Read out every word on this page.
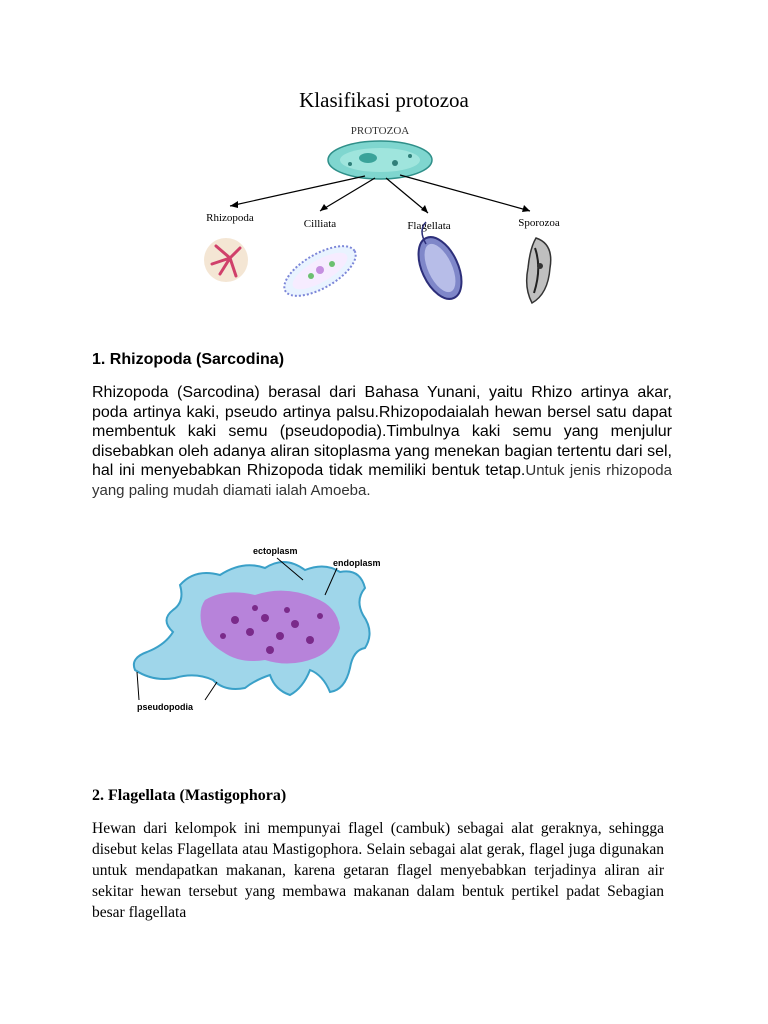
Klasifikasi protozoa
PROTOZOA
Rhizopoda	Cilliata	Flagellata	Sporozoa
1. Rhizopoda (Sarcodina)
Rhizopoda (Sarcodina) berasal dari Bahasa Yunani, yaitu Rhizo artinya akar, poda artinya kaki, pseudo artinya palsu.Rhizopodaialah hewan bersel satu dapat membentuk kaki semu (pseudopodia).Timbulnya kaki semu yang menjulur disebabkan oleh adanya aliran sitoplasma yang menekan bagian tertentu dari sel, hal ini menyebabkan Rhizopoda tidak memiliki bentuk tetap.Untuk jenis rhizopoda yang paling mudah diamati ialah Amoeba.
ectoplasm
endoplasm
pseudopodia
2. Flagellata (Mastigophora)
Hewan dari kelompok ini mempunyai flagel (cambuk) sebagai alat geraknya, sehingga disebut kelas Flagellata atau Mastigophora. Selain sebagai alat gerak, flagel juga digunakan untuk mendapatkan makanan, karena getaran flagel menyebabkan terjadinya aliran air sekitar hewan tersebut yang membawa makanan dalam bentuk pertikel padat Sebagian besar flagellata
